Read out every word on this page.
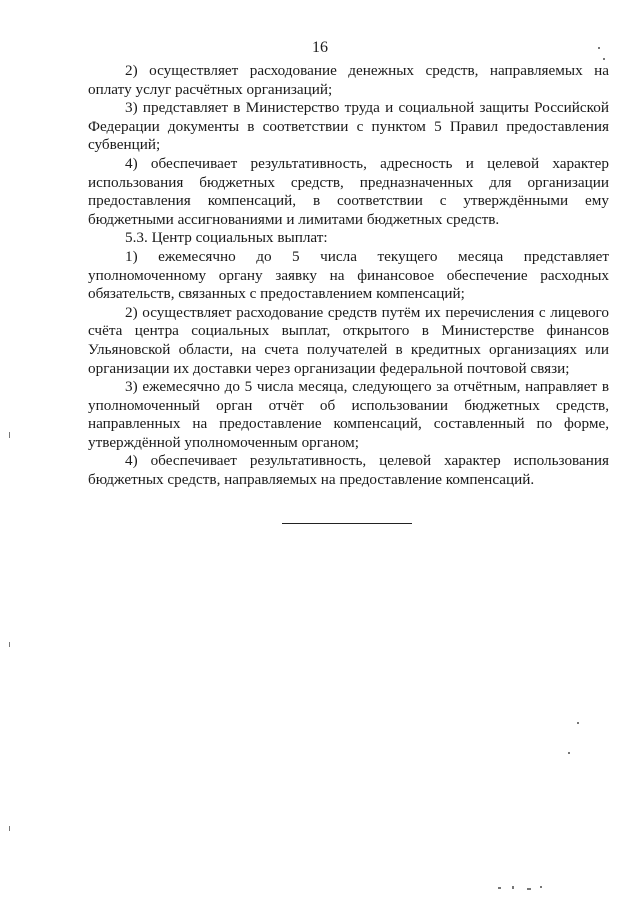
16

2) осуществляет расходование денежных средств, направляемых на оплату услуг расчётных организаций;

3) представляет в Министерство труда и социальной защиты Российской Федерации документы в соответствии с пунктом 5 Правил предоставления субвенций;

4) обеспечивает результативность, адресность и целевой характер использования бюджетных средств, предназначенных для организации предоставления компенсаций, в соответствии с утверждёнными ему бюджетными ассигнованиями и лимитами бюджетных средств.

5.3. Центр социальных выплат:

1) ежемесячно до 5 числа текущего месяца представляет уполномоченному органу заявку на финансовое обеспечение расходных обязательств, связанных с предоставлением компенсаций;

2) осуществляет расходование средств путём их перечисления с лицевого счёта центра социальных выплат, открытого в Министерстве финансов Ульяновской области, на счета получателей в кредитных организациях или организации их доставки через организации федеральной почтовой связи;

3) ежемесячно до 5 числа месяца, следующего за отчётным, направляет в уполномоченный орган отчёт об использовании бюджетных средств, направленных на предоставление компенсаций, составленный по форме, утверждённой уполномоченным органом;

4) обеспечивает результативность, целевой характер использования бюджетных средств, направляемых на предоставление компенсаций.
